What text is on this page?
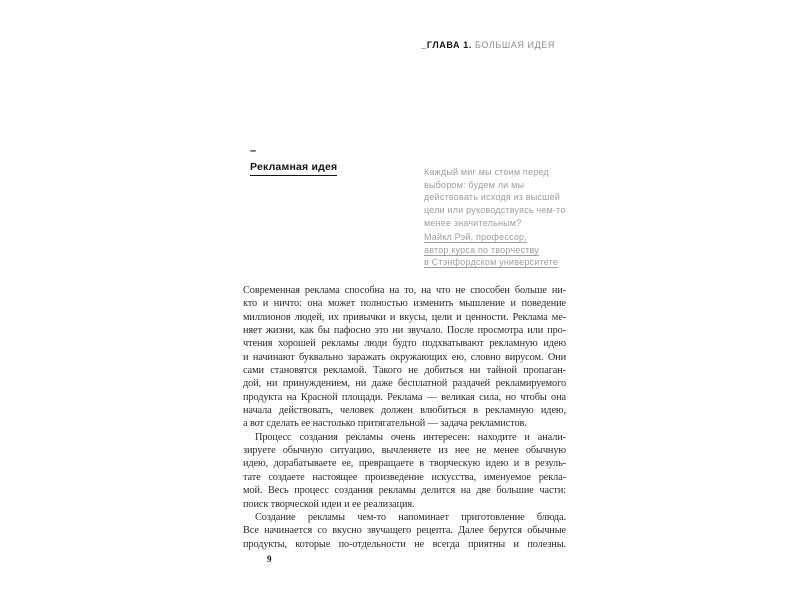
_ГЛАВА 1. БОЛЬШАЯ ИДЕЯ
–
Рекламная идея	Каждый миг мы стоим перед
выбором: будем ли мы
действовать исходя из высшей
цели или руководствуясь чем-то
менее значительным?
Майкл Рэй, профессор,
автор курса по творчеству
в Стэнфордском университете
Современная реклама способна на то, на что не способен больше ни-
кто и ничто: она может полностью изменить мышление и поведение
миллионов людей, их привычки и вкусы, цели и ценности. Реклама ме-
няет жизни, как бы пафосно это ни звучало. После просмотра или про-
чтения хорошей рекламы люди будто подхватывают рекламную идею
и начинают буквально заражать окружающих ею, словно вирусом. Они
сами становятся рекламой. Такого не добиться ни тайной пропаган-
дой, ни принуждением, ни даже бесплатной раздачей рекламируемого
продукта на Красной площади. Реклама — великая сила, но чтобы она
начала действовать, человек должен влюбиться в рекламную идею,
а вот сделать ее настолько притягательной — задача рекламистов.
Процесс создания рекламы очень интересен: находите и анали-
зируете обычную ситуацию, вычленяете из нее не менее обычную
идею, дорабатываете ее, превращаете в творческую идею и в резуль-
тате создаете настоящее произведение искусства, именуемое рекла-
мой. Весь процесс создания рекламы делится на две большие части:
поиск творческой идеи и ее реализация.
Создание рекламы чем-то напоминает приготовление блюда.
Все начинается со вкусно звучащего рецепта. Далее берутся обычные
продукты, которые по-отдельности не всегда приятны и полезны.
9
